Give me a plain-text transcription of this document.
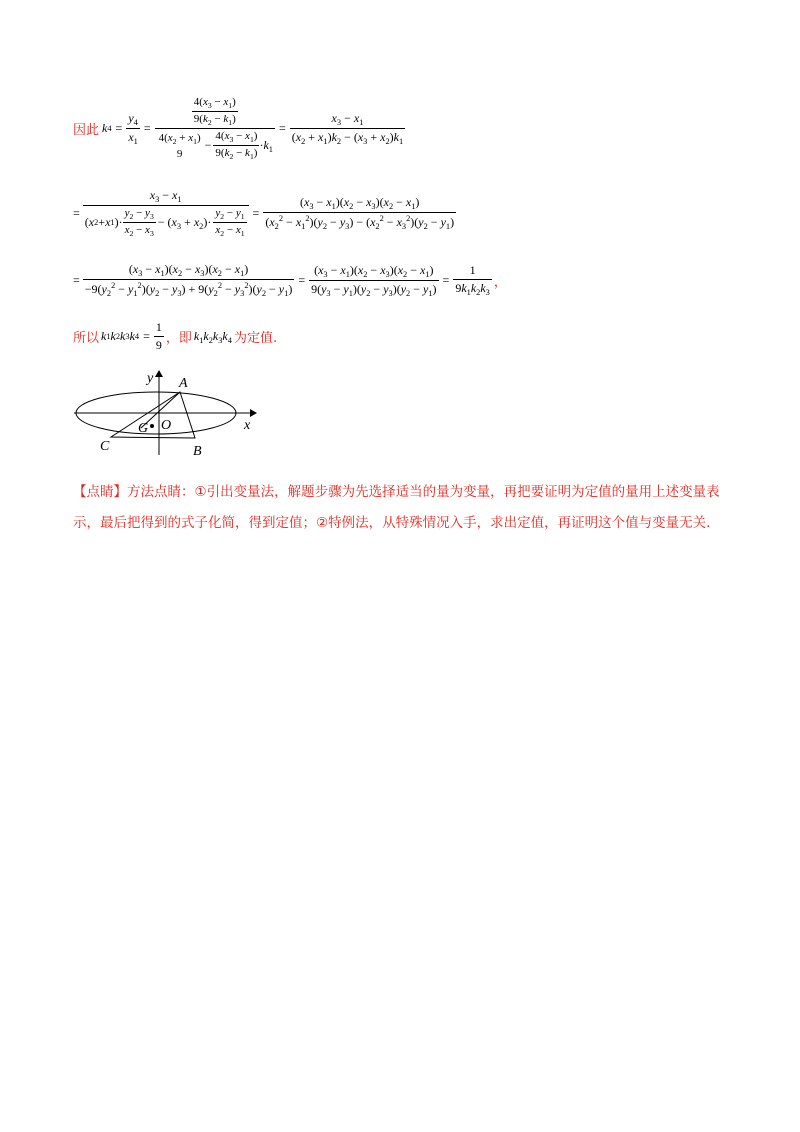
因此 k $4 = \frac{y_4}{x_1}$ =
$\frac{4(x_3 - x_1)}{9(k_2 - k_1)}$
$4(x_2 + x_1)$
9
− $\frac{4(x_3 - x_1)}{9(k_2 - k_1)} \cdot k_1$
= $\frac{x_3 - x_1}{(x_2 + x_1)k_2 - (x_3 + x_2)k_1}$
=
$x_3 - x_1$
( x 2 + x 1 )· $\frac{y_2 - y_3}{x_2 - x_3} - (x_3 + x_2)\cdot \frac{y_2 - y_1}{x_2 - x_1} = \frac{(x_3 - x_1)(x_2 - x_3)(x_2 - x_1)}{(x_2^2 - x_1^2)(y_2 - y_3) - (x_2^2 - x_3^2)(y_2 - y_1)}$
= $\frac{(x_3 - x_1)(x_2 - x_3)(x_2 - x_1)}{-9(y_2^2 - y_1^2)(y_2 - y_3) + 9(y_2^2 - y_3^2)(y_2 - y_1)} = \frac{(x_3 - x_1)(x_2 - x_3)(x_2 - x_1)}{9(y_3 - y_1)(y_2 - y_3)(y_2 - y_1)} = \frac{1}{9k_1k_2k_3}$ ，
所以 k 1 k 2 k 3 k $4 = \frac{1}{9}$ ，即 $k_1k_2k_3k_4$ 为定值.
y A
x
O
G
C	B
【点睛】方法点睛：①引出变量法，解题步骤为先选择适当的量为变量，再把要证明为定值的量用上述变量表示，最后把得到的式子化简，得到定值；②特例法，从特殊情况入手，求出定值，再证明这个值与变量无关.
